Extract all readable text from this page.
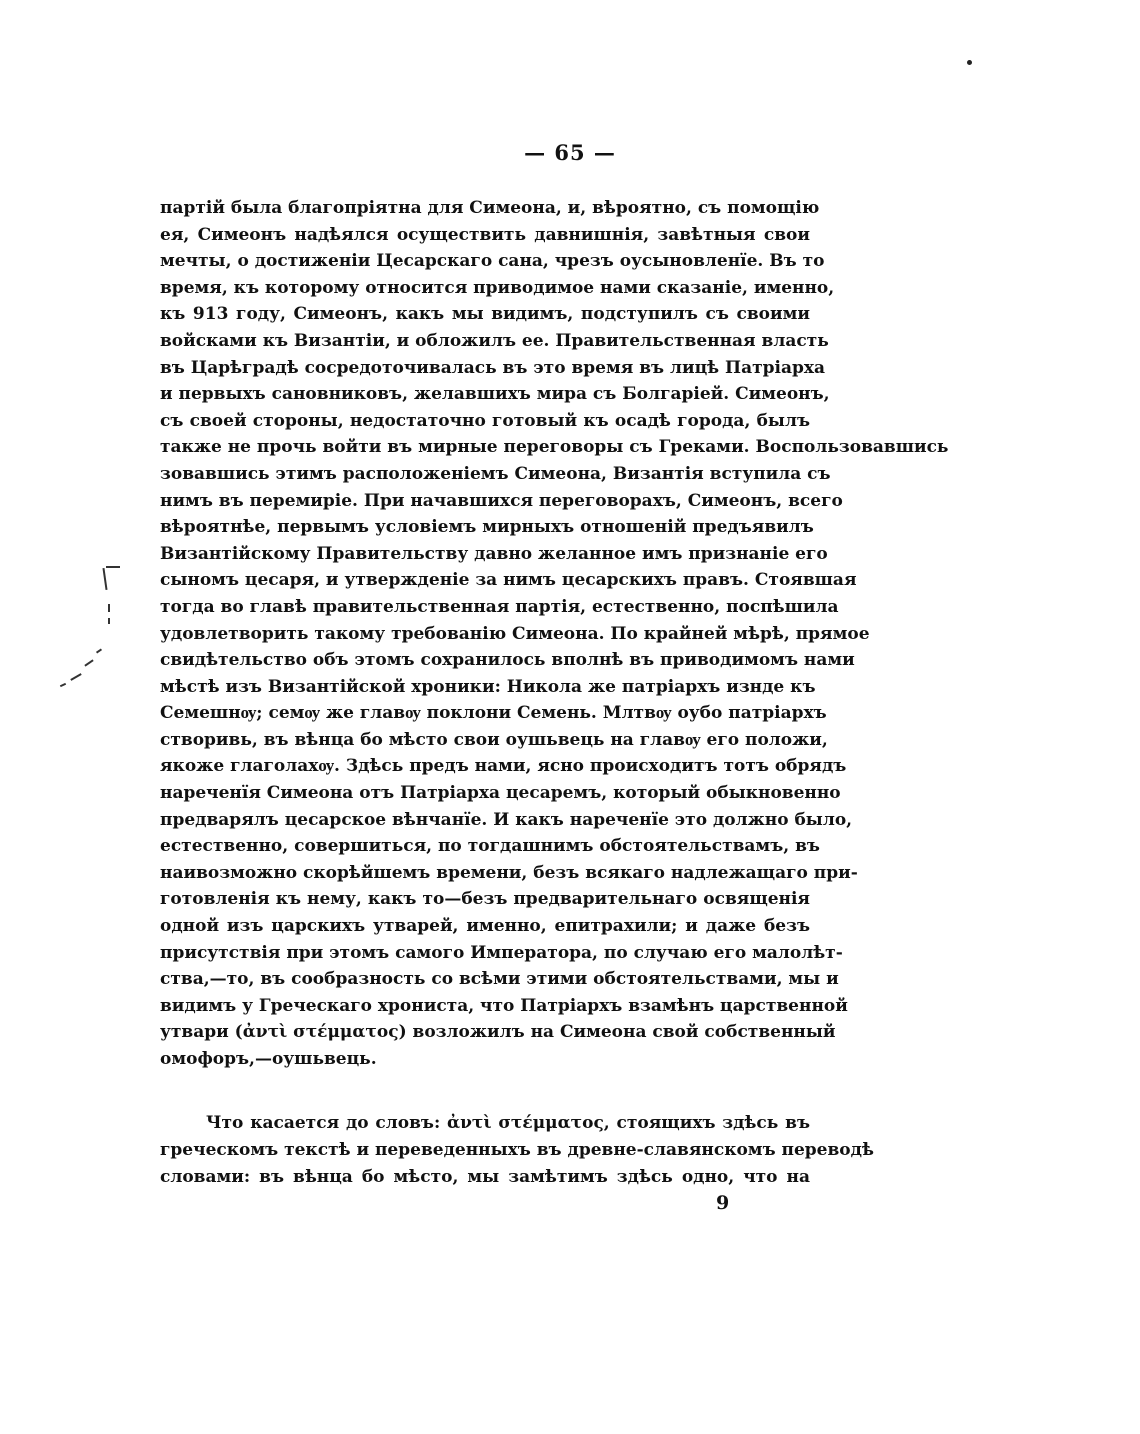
— 65 —
партій была благопріятна для Симеона, и, вѣроятно, съ помощію
ея, Симеонъ надѣялся осуществить давнишнія, завѣтныя свои
мечты, о достиженіи Цесарскаго сана, чрезъ оусыновленїе. Въ то
время, къ которому относится приводимое нами сказаніе, именно,
къ 913 году, Симеонъ, какъ мы видимъ, подступилъ съ своими
войсками къ Византіи, и обложилъ ее. Правительственная власть
въ Царѣградѣ сосредоточивалась въ это время въ лицѣ Патріарха
и первыхъ сановниковъ, желавшихъ мира съ Болгаріей. Симеонъ,
съ своей стороны, недостаточно готовый къ осадѣ города, былъ
также не прочь войти въ мирные переговоры съ Греками. Воспользовавшись
зовавшись этимъ расположеніемъ Симеона, Византія вступила съ
нимъ въ перемиріе. При начавшихся переговорахъ, Симеонъ, всего
вѣроятнѣе, первымъ условіемъ мирныхъ отношеній предъявилъ
Византійскому Правительству давно желанное имъ признаніе его
сыномъ цесаря, и утвержденіе за нимъ цесарскихъ правъ. Стоявшая
тогда во главѣ правительственная партія, естественно, поспѣшила
удовлетворить такому требованію Симеона. По крайней мѣрѣ, прямое
свидѣтельство объ этомъ сохранилось вполнѣ въ приводимомъ нами
мѣстѣ изъ Византійской хроники: Никола же патріархъ изнде къ
Семешнѹ; семѹ же главѹ поклони Семень. Млтвѹ оубо патріархъ
створивь, въ вѣнца бо мѣсто свои оушьвець на главѹ его положи,
якоже глаголахѹ. Здѣсь предъ нами, ясно происходитъ тотъ обрядъ
нареченїя Симеона отъ Патріарха цесаремъ, который обыкновенно
предварялъ цесарское вѣнчанїе. И какъ нареченїе это должно было,
естественно, совершиться, по тогдашнимъ обстоятельствамъ, въ
наивозможно скорѣйшемъ времени, безъ всякаго надлежащаго при-
готовленія къ нему, какъ то—безъ предварительнаго освященія
одной изъ царскихъ утварей, именно, епитрахили; и даже безъ
присутствія при этомъ самого Императора, по случаю его малолѣт-
ства,—то, въ сообразность со всѣми этими обстоятельствами, мы и
видимъ у Греческаго хрониста, что Патріархъ взамѣнъ царственной
утвари (ἀντὶ στέμματος) возложилъ на Симеона свой собственный
омофоръ,—оушьвець.
Что касается до словъ: ἀντὶ στέμματος, стоящихъ здѣсь въ
греческомъ текстѣ и переведенныхъ въ древне-славянскомъ переводѣ
словами: въ вѣнца бо мѣсто, мы замѣтимъ здѣсь одно, что на
9
